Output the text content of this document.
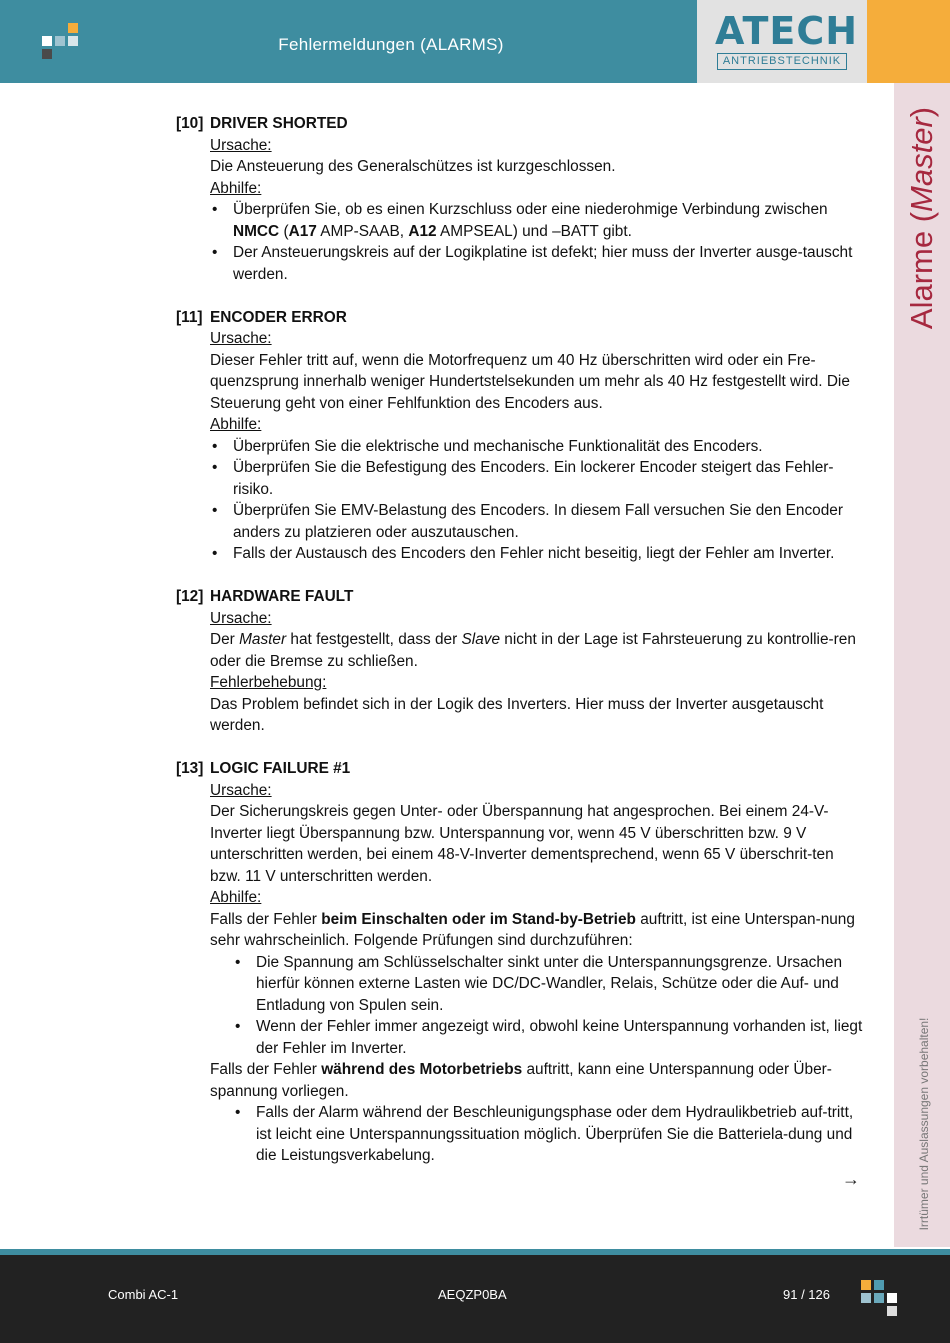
Fehlermeldungen (ALARMS)	ATECH
ANTRIEBSTECHNIK
Alarme (Master)
Irrtümer und Auslassungen vorbehalten!

[10] DRIVER SHORTED

Ursache:

Die Ansteuerung des Generalschützes ist kurzgeschlossen.

Abhilfe:

• Überprüfen Sie, ob es einen Kurzschluss oder eine niederohmige Verbindung zwischen NMCC (A17 AMP-SAAB, A12 AMPSEAL) und –BATT gibt.
• Der Ansteuerungskreis auf der Logikplatine ist defekt; hier muss der Inverter ausge-tauscht werden.

[11] ENCODER ERROR

Ursache:

Dieser Fehler tritt auf, wenn die Motorfrequenz um 40 Hz überschritten wird oder ein Fre-quenzsprung innerhalb weniger Hundertstelsekunden um mehr als 40 Hz festgestellt wird. Die Steuerung geht von einer Fehlfunktion des Encoders aus.

Abhilfe:

• Überprüfen Sie die elektrische und mechanische Funktionalität des Encoders.
• Überprüfen Sie die Befestigung des Encoders. Ein lockerer Encoder steigert das Fehler-risiko.
• Überprüfen Sie EMV-Belastung des Encoders. In diesem Fall versuchen Sie den Encoder anders zu platzieren oder auszutauschen.
• Falls der Austausch des Encoders den Fehler nicht beseitig, liegt der Fehler am Inverter.

[12] HARDWARE FAULT

Ursache:

Der Master hat festgestellt, dass der Slave nicht in der Lage ist Fahrsteuerung zu kontrollie-ren oder die Bremse zu schließen.

Fehlerbehebung:

Das Problem befindet sich in der Logik des Inverters. Hier muss der Inverter ausgetauscht werden.

[13] LOGIC FAILURE #1

Ursache:

Der Sicherungskreis gegen Unter- oder Überspannung hat angesprochen. Bei einem 24-V-Inverter liegt Überspannung bzw. Unterspannung vor, wenn 45 V überschritten bzw. 9 V unterschritten werden, bei einem 48-V-Inverter dementsprechend, wenn 65 V überschrit-ten bzw. 11 V unterschritten werden.

Abhilfe:

Falls der Fehler beim Einschalten oder im Stand-by-Betrieb auftritt, ist eine Unterspan-nung sehr wahrscheinlich. Folgende Prüfungen sind durchzuführen:

• Die Spannung am Schlüsselschalter sinkt unter die Unterspannungsgrenze. Ursachen hierfür können externe Lasten wie DC/DC-Wandler, Relais, Schütze oder die Auf- und Entladung von Spulen sein.
• Wenn der Fehler immer angezeigt wird, obwohl keine Unterspannung vorhanden ist, liegt der Fehler im Inverter.

Falls der Fehler während des Motorbetriebs auftritt, kann eine Unterspannung oder Über-spannung vorliegen.

• Falls der Alarm während der Beschleunigungsphase oder dem Hydraulikbetrieb auf-tritt, ist leicht eine Unterspannungssituation möglich. Überprüfen Sie die Batteriela-dung und die Leistungsverkabelung.
→
Combi AC-1	AEQZP0BA	91 / 126
